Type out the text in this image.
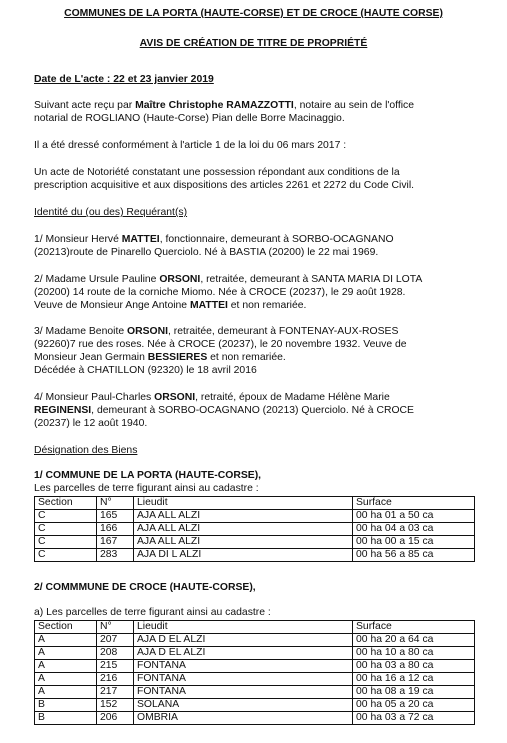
COMMUNES DE LA PORTA (HAUTE-CORSE) ET DE CROCE (HAUTE CORSE)

AVIS DE CRÉATION DE TITRE DE PROPRIÉTÉ

Date de L'acte : 22 et 23 janvier 2019

Suivant acte reçu par Maître Christophe RAMAZZOTTI, notaire au sein de l'office

notarial de ROGLIANO (Haute-Corse) Pian delle Borre Macinaggio.

Il a été dressé conformément à l'article 1 de la loi du 06 mars 2017 :

Un acte de Notoriété constatant une possession répondant aux conditions de la

prescription acquisitive et aux dispositions des articles 2261 et 2272 du Code Civil.

Identité du (ou des) Requérant(s)

1/ Monsieur Hervé MATTEI, fonctionnaire, demeurant à SORBO-OCAGNANO

(20213)route de Pinarello Querciolo. Né à BASTIA (20200) le 22 mai 1969.

2/ Madame Ursule Pauline ORSONI, retraitée, demeurant à SANTA MARIA DI LOTA

(20200) 14 route de la corniche Miomo. Née à CROCE (20237), le 29 août 1928.

Veuve de Monsieur Ange Antoine MATTEI et non remariée.

3/ Madame Benoite ORSONI, retraitée, demeurant à FONTENAY-AUX-ROSES

(92260)7 rue des roses. Née à CROCE (20237), le 20 novembre 1932. Veuve de

Monsieur Jean Germain BESSIERES et non remariée.

Décédée à CHATILLON (92320) le 18 avril 2016

4/ Monsieur Paul-Charles ORSONI, retraité, époux de Madame Hélène Marie

REGINENSI, demeurant à SORBO-OCAGNANO (20213) Querciolo. Né à CROCE

(20237) le 12 août 1940.

Désignation des Biens

1/ COMMUNE DE LA PORTA (HAUTE-CORSE),

Les parcelles de terre figurant ainsi au cadastre :

Section	N°	Lieudit	Surface
C	165	AJA ALL ALZI	00 ha 01 a 50 ca
C	166	AJA ALL ALZI	00 ha 04 a 03 ca
C	167	AJA ALL ALZI	00 ha 00 a 15 ca
C	283	AJA DI L ALZI	00 ha 56 a 85 ca

2/ COMMMUNE DE CROCE (HAUTE-CORSE),

a) Les parcelles de terre figurant ainsi au cadastre :

Section	N°	Lieudit	Surface
A	207	AJA D EL ALZI	00 ha 20 a 64 ca
A	208	AJA D EL ALZI	00 ha 10 a 80 ca
A	215	FONTANA	00 ha 03 a 80 ca
A	216	FONTANA	00 ha 16 a 12 ca
A	217	FONTANA	00 ha 08 a 19 ca
B	152	SOLANA	00 ha 05 a 20 ca
B	206	OMBRIA	00 ha 03 a 72 ca
